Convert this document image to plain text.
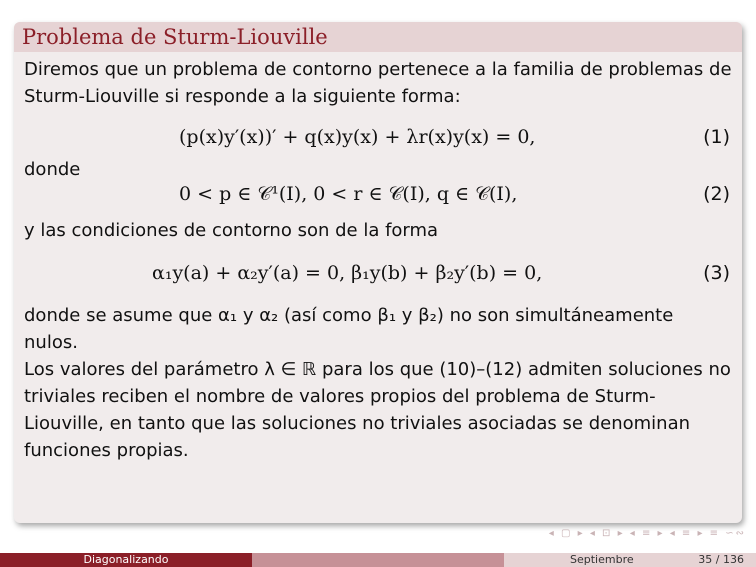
Problema de Sturm-Liouville

Diremos que un problema de contorno pertenece a la familia de problemas de Sturm-Liouville si responde a la siguiente forma:

(p(x)y′(x))′ + q(x)y(x) + λr(x)y(x) = 0,	(1)

donde

0 < p ∈ 𝒞¹(I), 0 < r ∈ 𝒞(I), q ∈ 𝒞(I),	(2)

y las condiciones de contorno son de la forma

α₁y(a) + α₂y′(a) = 0, β₁y(b) + β₂y′(b) = 0,	(3)

donde se asume que α₁ y α₂ (así como β₁ y β₂) no son simultáneamente nulos.

Los valores del parámetro λ ∈ ℝ para los que (10)–(12) admiten soluciones no triviales reciben el nombre de valores propios del problema de Sturm-Liouville, en tanto que las soluciones no triviales asociadas se denominan funciones propias.

◂ ▢ ▸ ◂ ⊡ ▸ ◂ ≡ ▸ ◂ ≡ ▸ ≡ ∽∾
Diagonalizando	Septiembre	35 / 136
